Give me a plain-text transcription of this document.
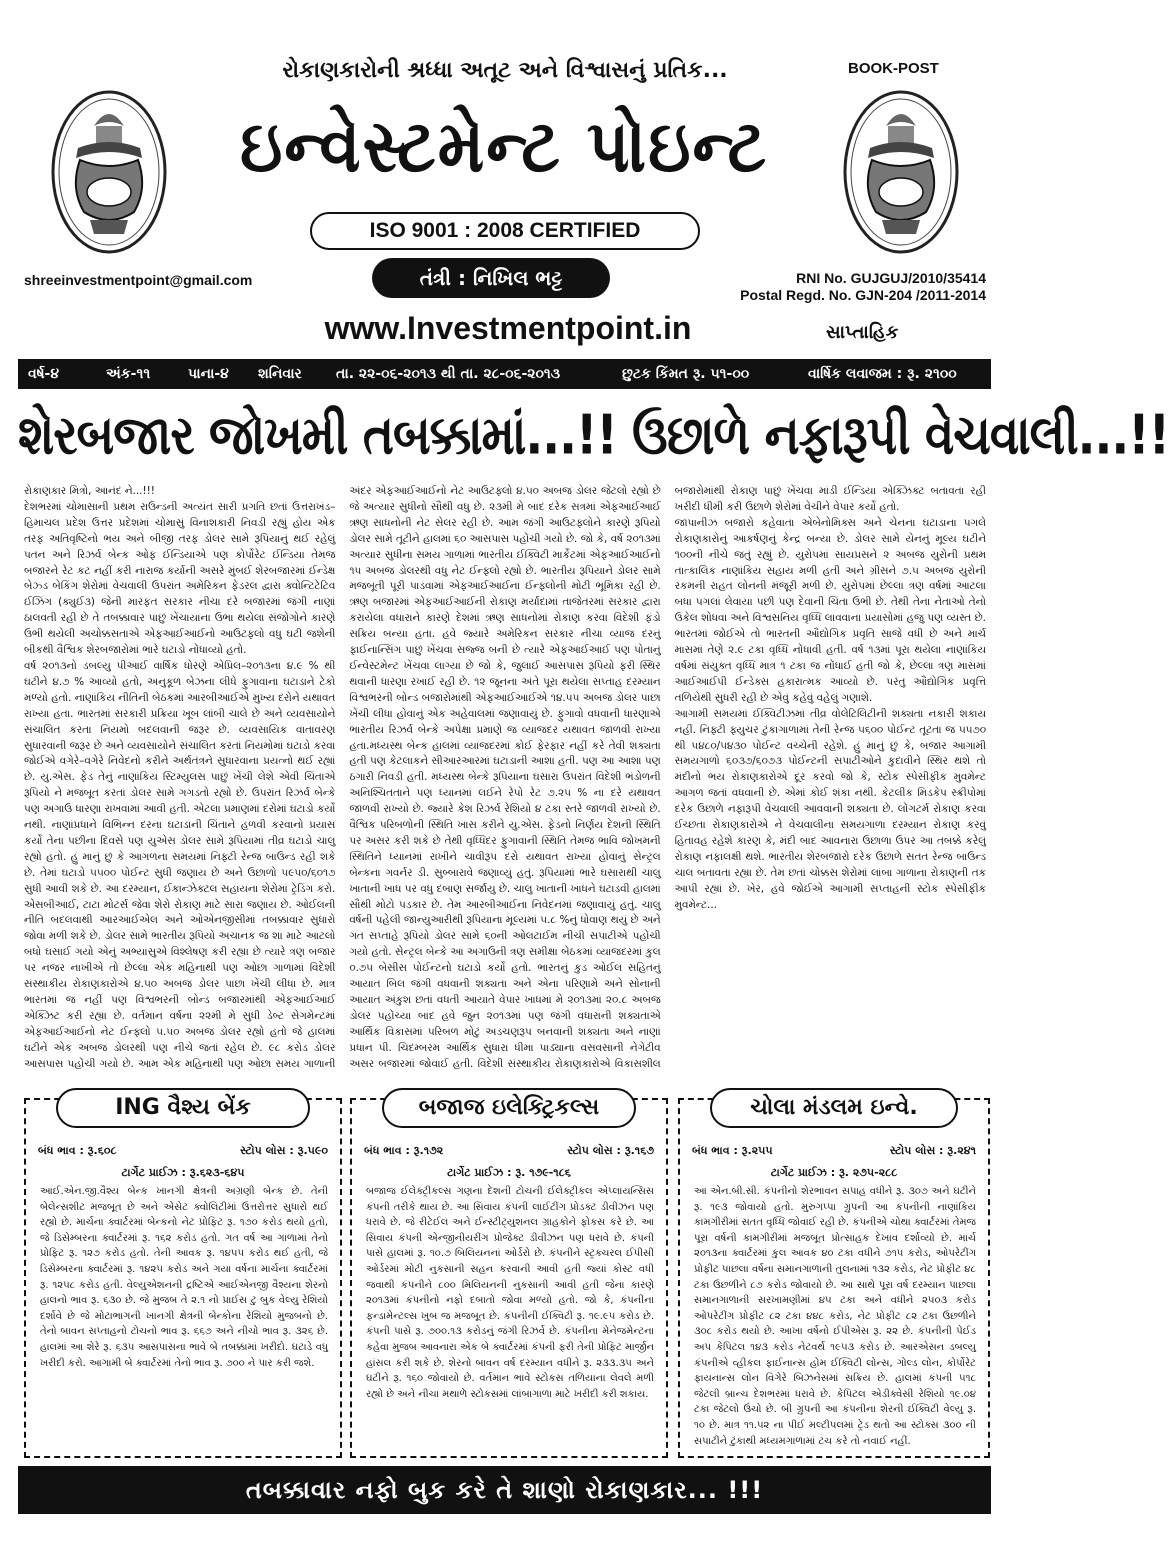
રોકાણકારોની શ્રધ્ધા અતૂટ અને વિશ્વાસનું પ્રતિક...	BOOK-POST
ઇન્વેસ્ટમેન્ટ પોઇન્ટ
ISO 9001 : 2008 CERTIFIED
shreeinvestmentpoint@gmail.com	તંત્રી : નિખિલ ભટ્ટ	RNI No. GUJGUJ/2010/35414
Postal Regd. No. GJN-204 /2011-2014
www.Investmentpoint.in	સાપ્તાહિક
વર્ષ-૪	અંક-૧૧	પાના-૪ શનિવાર તા. ૨૨-૦૬-૨૦૧૩ થી તા. ૨૮-૦૬-૨૦૧૩	છુટક કિંમત રૂ. ૫૧-૦૦	વાર્ષિક લવાજમ : રૂ. ૨૧૦૦
શેરબજાર જોખમી તબક્કામાં...!! ઉછાળે નફારૂપી વેચવાલી...!!

રોકાણકાર મિત્રો, આનંદ ને...!!!

દેશભરમાં ચોમાસાની પ્રથમ રાઉન્ડની અત્યંત સારી પ્રગતિ છતાં ઉત્તરાખંડ–હિમાચલ પ્રદેશ ઉત્તર પ્રદેશમાં ચોમાસું વિનાશકારી નિવડી રહ્યું હોય એક તરફ અતિવૃષ્ટિનો ભય અને બીજી તરફ ડોલર સામે રૂપિયાનું થઈ રહેલું પતન અને રિઝર્વ બેન્ક ઓફ ઈન્ડિયાએ પણ કોર્પોરેટ ઈન્ડિયા તેમજ બજારને રેટ કટ નહીં કરી નારાજ કર્યાની અસરે મુંબઈ શેરબજારમાં ઈન્ડેક્ષ બેઝ્ડ બેકિંગ શેરોમાં વેચવાલી ઉપરાંત અમેરિકન ફેડરલ દ્વારા ક્વોન્ટિટેટિવ ઈઝિંગ (ક્યુઈ૩) જેની મારફત સરકાર નીચા દરે બજારમાં જંગી નાણાં ઠાલવતી રહી છે તે તબક્કાવાર પાછું ખેંચાયાના ઉભા થયેલા સંજોગોને કારણે ઉભી થયેલી અચોક્કસતાએ એફઆઈઆઈનો આઉટફ્લો વધુ ઘટી જશેની બીકથી વૈશ્વિક શેરબજારોમાં ભારે ઘટાડો નોંધાવ્યો હતો.

વર્ષ ૨૦૧૩નો ડબલ્યુ પીઆઈ વાર્ષિક ધોરણે એપ્રિલ–૨૦૧૩ના ૪.૯ % થી ઘટીને ૪.૭ % આવ્યો હતો, અનુકૂળ બેઝના લીધે ફુગાવાના ઘટાડાને ટેકો મળ્યો હતો. નાણાંકિય નીતિની બેઠકમાં આરબીઆઈએ મુખ્ય દરોને યથાવત રાખ્યા હતા. ભારતમાં સરકારી પ્રક્રિયા ખૂબ લાંબી ચાલે છે અને વ્યવસાયોને સંચાલિત કરતા નિયમો બદલવાની જરૂર છે. વ્યવસાયિક વાતાવરણ સુધારવાની જરૂર છે અને વ્યવસાયોને સંચાલિત કરતાં નિયમોમાં ઘટાડો કરવા જોઈએ વગેરે–વગેરે નિવેદનો કરીને અર્થતંત્રને સુધારવાના પ્રયત્નો થઈ રહ્યાં છે. યુ.એસ. ફેડ તેનું નાણાંકિય સ્ટિમ્યુલસ પાછું ખેંચી લેશે એવી ચિંતાએ રૂપિયો ને મજબૂત કરતાં ડોલર સામે ગગડતો રહ્યો છે. ઉપરાંત રિઝર્વ બેન્કે પણ અગાઉ ધારણા રાખવામાં આવી હતી. એટલા પ્રમાણમાં દરોમાં ઘટાડો કર્યો નથી. નાણાંપ્રધાને વિભિન્ન દરના ઘટાડાની ચિંતાને હળવી કરવાનો પ્રયાસ કર્યો તેના પછીના દિવસે પણ યુએસ ડોલર સામે રૂપિયામાં તીવ્ર ઘટાડો ચાલુ રહ્યો હતો. હું માનું છું કે આગળના સમયમાં નિફ્ટી રેન્જ બાઉન્ડ રહી શકે છે. તેમાં ઘટાડો ૫૫૦૦ પોઈન્ટ સુધી જણાય છે અને ઉછાળો ૫૯૫૦/૬૦૧૭ સુધી આવી શકે છે. આ દરમ્યાન, ઈકાન્ઝેક્ટલ સહાયના શેરોમાં ટ્રેડિંગ કરો. એસબીઆઈ, ટાટા મોટર્સ જેવા શેરો રોકાણ માટે સારા જણાય છે. ઓઈલની નીતિ બદલવાથી આરઆઈએલ અને ઓએનજીસીમાં તબક્કાવાર સુધારો જોવા મળી શકે છે. ડોલર સામે ભારતીય રૂપિયો અચાનક જ શા માટે આટલો બધો ઘસાઈ ગયો એનું અભ્યાસુએ વિશ્લેષણ કરી રહ્યા છે ત્યારે ત્રણ બજાર પર નજર નાખીએ તો છેલ્લા એક મહિનાથી પણ ઓછા ગાળામાં વિદેશી સંસ્થાકીય રોકાણકારોએ ૪.૫૦ અબજ ડોલર પાછા ખેંચી લીધા છે. માત્ર ભારતમાં જ નહીં પણ વિશ્વભરની બોન્ડ બજારમાંથી એફઆઈઆઈ એક્ઝિટ કરી રહ્યા છે. વર્તમાન વર્ષના ૨૨મી મે સુધી ડેબ્ટ સેગમેન્ટમાં એફઆઈઆઈનો નેટ ઈન્ફ્લો ૫.૫૦ અબજ ડોલર રહ્યો હતો જે હાલમાં ઘટીને એક અબજ ડોલરથી પણ નીચે જતાં રહેલ છે. ૯૮ કરોડ ડોલર આસપાસ પહોંચી ગયો છે. આમ એક મહિનાથી પણ ઓછા સમય ગાળાની અંદર એફઆઈઆઈનો નેટ આઉટફ્લો ૪.૫૦ અબજ ડોલર જેટલો રહ્યો છે જે અત્યાર સુધીનો સૌથી વધુ છે. ૨૩મી મે બાદ દરેક સત્રમાં એફઆઈઆઈ ઋણ સાધનોની નેટ સેલર રહી છે. આમ જંગી આઉટફ્લોને કારણે રૂપિયો ડોલર સામે તૂટીને હાલમાં ૬૦ આસપાસ પહોંચી ગયો છે. જો કે, વર્ષ ૨૦૧૩માં અત્યાર સુધીના સમય ગાળામાં ભારતીય ઈક્વિટી માર્કેટમાં એફઆઈઆઈનો ૧૫ અબજ ડોલરથી વધુ નેટ ઈન્ફ્લો રહ્યો છે. ભારતીય રૂપિયાને ડોલર સામે મજબૂતી પૂરી પાડવામાં એફઆઈઆઈના ઈન્ફ્લોની મોટી ભૂમિકા રહી છે. ઋણ બજારમાં એફઆઈઆઈની રોકાણ મર્યાદામાં તાજેતરમાં સરકાર દ્વારા કરાયેલા વધારાને કારણે દેશમાં ઋણ સાધનોમાં રોકાણ કરવા વિદેશી ફંડો સક્રિય બન્યા હતા. હવે જ્યારે અમેરિકન સરકાર નીચા વ્યાજ દરનું ફાઈનાન્સિંગ પાછું ખેંચવા સજ્જ બની છે ત્યારે એફઆઈઆઈ પણ પોતાનું ઈન્વેસ્ટમેન્ટ ખેંચવા લાગ્યા છે જો કે, જુલાઈ આસપાસ રૂપિયો ફરી સ્થિર થવાની ધારણા રખાઈ રહી છે. ૧૨ જૂનના અંતે પૂરા થયેલા સપ્તાહ દરમ્યાન વિશ્વભરની બોન્ડ બજારોમાંથી એફઆઈઆઈએ ૧૪.૫૫ અબજ ડોલર પાછા ખેંચી લીધા હોવાનું એક અહેવાલમાં જણાવાયું છે. ફુગાવો વધવાની ધારણાએ ભારતીય રિઝર્વ બેન્કે અપેક્ષા પ્રમાણે જ વ્યાજદર યથાવત જાળવી રાખ્યા હતા.મધ્યસ્થ બેન્ક હાલમાં વ્યાજદરમાં કોઈ ફેરફાર નહીં કરે તેવી શક્યતા હતી પણ કેટલાકને સીઆરઆરમાં ઘટાડાની આશા હતી. પણ આ આશા પણ ઠગારી નિવડી હતી. મધ્યસ્થ બેન્કે રૂપિયાના ઘસારા ઉપરાંત વિદેશી ભંડોળની અનિશ્ચિતતાને પણ ધ્યાનમાં લઈને રેપો રેટ ૭.૨૫ % ના દરે યથાવત જાળવી રાખ્યો છે. જ્યારે કેશ રિઝર્વ રેશિયો ૪ ટકા સ્તરે જાળવી રાખ્યો છે. વૈશ્વિક પરિબળોની સ્થિતિ ખાસ કરીને યુ.એસ. ફેડનો નિર્ણય દેશની સ્થિતિ પર અસર કરી શકે છે તેથી વૃધ્ધિદર ફુગાવાની સ્થિતિ તેમજ ભાવિ જોખમની સ્થિતિને ધ્યાનમાં રાખીને ચાવીરૂપ દરો યથાવત રાખ્યા હોવાનું સેન્ટ્રલ બેન્કના ગવર્નર ડી. સુબ્બારાવે જણાવ્યું હતું. રૂપિયામાં ભારે ઘસારાથી ચાલુ ખાતાની ખાધ પર વધુ દબાણ સર્જાયુ છે. ચાલુ ખાતાની ખાધને ઘટાડવી હાલમાં સૌથી મોટો પડકાર છે. તેમ આરબીઆઈના નિવેદનમાં જણાવાયું હતું. ચાલુ વર્ષની પહેલી જાન્યુઆરીથી રૂપિયાના મૂલ્યમાં ૫.૮ %નું ધોવાણ થયું છે અને ગત સપ્તાહે રૂપિયો ડોલર સામે ૬૦ની ઓલટાઈમ નીચી સપાટીએ પહોંચી ગયો હતો. સેન્ટ્રલ બેન્કે આ અગાઉની ત્રણ સમીક્ષા બેઠકમાં વ્યાજદરમાં કુલ ૦.૭૫ બેસીસ પોઈન્ટનો ઘટાડો કર્યો હતો. ભારતનું કુડ ઓઈલ સહિતનું આયાત બિલ જંગી વધવાની શક્યતા અને એના પરિણામે અને સોનાની આયાત અંકુશ છતાં વધતી આયાતે વેપાર ખાધમાં મે ૨૦૧૩માં ૨૦.૮ અબજ ડોલર પહોંચ્યા બાદ હવે જુન ૨૦૧૩માં પણ જંગી વધારાની શક્યતાએ આર્થિક વિકાસમાં પરિબળ મોટું અડચણરૂપ બનવાની શક્યતા અને નાણાં પ્રધાન પી. ચિદમ્બરમ આર્થિક સુધારા ધીમા પાડ્યાના વસવસાની નેગેટીવ અસર બજારમાં જોવાઈ હતી. વિદેશી સંસ્થાકીય રોકાણકારોએ વિકાસશીલ બજારોમાંથી રોકાણ પાછું ખેંચવા માંડી ઈન્ડિયા એક્ઝિક્ટ બતાવતા રહી ખરીદી ધીમી કરી ઉછાળે શેરોમાં વેચીને વેપાર કર્યો હતો.

જાપાનીઝ બજારો કહેવાતા એબેનોમિક્સ અને ચેનના ઘટાડાના પગલે રોકાણકારોનું આકર્ષણનું કેન્દ્ર બન્યા છે. ડોલર સામે યેનનું મૂલ્ય ઘટીને ૧૦૦ની નીચે જતું રહ્યું છે. યુરોપમાં સાયપ્રસને ૨ અબજ યુરોની પ્રથમ તાત્કાલિક નાણાંકિય સહાય મળી હતી અને ગ્રીસને ૭.૫ અબજ યુરોની રકમની રાહત લોનની મંજૂરી મળી છે. યુરોપમાં છેલ્લા ત્રણ વર્ષમાં આટલા બધા પગલાં લેવાયા પછી પણ દેવાની ચિંતા ઉભી છે. તેથી તેના નેતાઓ તેનો ઉકેલ શોધવા અને વિશ્વસનિય વૃધ્ધિ લાવવાના પ્રયાસોમાં હજુ પણ વ્યસ્ત છે. ભારતમાં જોઈએ તો ભારતની ઔદ્યોગિક પ્રવૃતિ સાજે વધી છે અને માર્ચ માસમાં તેણે ૨.૯ ટકા વૃધ્ધિ નોંધાવી હતી. વર્ષ ૧૩માં પૂરા થયેલા નાણાંકિય વર્ષમાં સંયુક્ત વૃધ્ધિ માત્ર ૧ ટકા જ નોંધાઈ હતી જો કે, છેલ્લા ત્રણ માસમાં આઈઆઈપી ઈન્ડેક્સ હકારાત્મક આવ્યો છે. પરંતુ ઔદ્યોગિક પ્રવૃત્તિ તળિયેથી સુધરી રહી છે એવું કહેવું વહેલું ગણાશે.

આગામી સમયમાં ઈક્વિટીઝમાં તીવ્ર વોલેટિલિટીની શક્યતા નકારી શકાય નહીં. નિફ્ટી ફ્યુચર ટુંકાગાળામાં તેની રેન્જ ૫૬૦૦ પોઈન્ટ તૂટતા જ ૫૫૭૦ થી ૫૪૮૦/૫૪૩૦ પોઈન્ટ વચ્ચેની રહેશે. હું માનું છું કે, બજાર આગામી સમયગાળો ૬૦૩૭/૬૦૭૩ પોઈન્ટની સપાટીઓને કુદાવીને સ્થિર થશે તો મંદીનો ભય રોકાણકારોએ દૂર કરવો જો કે, સ્ટોક સ્પેસીફીક મુવમેન્ટ આગળ જતાં વધવાની છે. એમાં કોઈ શંકા નથી. કેટલીક મિડકેપ સ્ક્રીપોમાં દરેક ઉછાળે નફારૂપી વેચવાલી આવવાની શક્યતા છે. લોંગટર્મ રોકાણ કરવા ઈચ્છતા રોકાણકારોએ ને વેચવાલીના સમયગાળા દરમ્યાન રોકાણ કરવું હિતાવહ રહેશે કારણ કે, મંદી બાદ આવનારા ઉછાળા ઉપર આ તબક્કે કરેલું રોકાણ નફાલક્ષી થશે. ભારતીય શેરબજારો દરેક ઉછાળે સતત રેન્જ બાઉન્ડ ચાલ બતાવતા રહ્યા છે. તેમ છતાં ચોક્કસ શેરોમાં લાંબા ગાળાના રોકાણની તક આપી રહ્યાં છે. ખેર, હવે જોઈએ આગામી સપ્તાહની સ્ટોક સ્પેસીફીક મુવમેન્ટ...

ING વૈશ્ય બેંક
બંધ ભાવ : રૂ.૬૦૮	સ્ટોપ લોસ : રૂ.૫૯૦
ટાર્ગેટ પ્રાઈઝ : રૂ.૬૨૩-૬૪૫
આઈ.એન.જી.વૈશ્ય બેન્ક ખાનગી ક્ષેત્રની અગ્રણી બેન્ક છે. તેની બેલેન્સશીટ મજબૂત છે અને એસેટ ક્વોલિટીમાં ઉત્તરોત્તર સુધારો થઈ રહ્યો છે. માર્ચના ક્વાર્ટરમાં બેન્કનો નેટ પ્રોફિટ રૂ. ૧૭૦ કરોડ થયો હતો, જે ડિસેમ્બરના ક્વાર્ટરમાં રૂ. ૧૬૨ કરોડ હતો. ગત વર્ષ આ ગાળામાં તેનો પ્રોફિટ રૂ. ૧૨૭ કરોડ હતો. તેની આવક રૂ. ૧૪૫૫ કરોડ થઈ હતી, જે ડિસેમ્બરના ક્વાર્ટરમાં રૂ. ૧૪૨૫ કરોડ અને ગયા વર્ષના માર્ચના ક્વાર્ટરમાં રૂ. ૧૨૫૮ કરોડ હતી. વેલ્યુએશનની દ્રષ્ટિએ આઈએનજી વૈશ્યના શેરનો હાલનો ભાવ રૂ. ૬૩૦ છે. જે મુજબ તે ૨.૧ નો પ્રાઈસ ટુ બુક વેલ્યુ રેશિયો દર્શાવે છે જે મોટાભાગની ખાનગી ક્ષેત્રની બેન્કોના રેશિયો મુજબનો છે. તેનો બાવન સપ્તાહનો ટોચનો ભાવ રૂ. ૬૬૭ અને નીચો ભાવ રૂ. ૩૨૬ છે. હાલમાં આ શેરે રૂ. ૬૩૫ આસપાસના ભાવે બે તબક્કામાં ખરીદો. ઘટાડે વધુ ખરીદી કરો. આગામી બે ક્વાર્ટરમાં તેનો ભાવ રૂ. ૭૦૦ ને પાર કરી જશે.
બજાજ ઇલેક્ટ્રિકલ્સ
બંધ ભાવ : રૂ.૧૭૨	સ્ટોપ લોસ : રૂ.૧૬૭
ટાર્ગેટ પ્રાઈઝ : રૂ. ૧૭૯-૧૮૬
બજાજ ઈલેક્ટ્રીકલ્સ ગણના દેશની ટોચની ઈલેક્ટ્રીકલ એપ્લાયન્સિસ કંપની તરીકે થાય છે. આ સિવાય કંપની લાઈટીંગ પ્રોડક્ટ ડીવીઝન પણ ધરાવે છે. જે રીટેઈલ અને ઈન્સ્ટીટ્યુશનલ ગ્રાહકોને ફોકસ કરે છે. આ સિવાય કંપની એન્જીનીયરીંગ પ્રોજેક્ટ ડીવીઝન પણ ધરાવે છે. કંપની પાસે હાલમાં રૂ. ૧૦.૭ બિલિયનનાં ઓર્ડરો છે. કંપનીને સ્ટ્રક્ચરલ ઈપીસી ઓર્ડરમાં મોટી નુકસાની સહન કરવાની આવી હતી જ્યાં કોસ્ટ વધી જવાથી કંપનીને ૮૦૦ મિલિયનની નુકસાની આવી હતી જેના કારણે ૨૦૧૩માં કંપનીનો નફો દબાતો જોવા મળ્યો હતો. જો કે, કંપનીના ફન્ડામેન્ટલ્સ ખુબ જ મજબૂત છે. કંપનીની ઈક્વિટી રૂ. ૧૯.૯૫ કરોડ છે. કંપની પાસે રૂ. ૭૦૦.૧૩ કરોડનું જંગી રિઝર્વ છે. કંપનીના મેનેજમેન્ટના કહેવા મુજબ આવનારા એક બે ક્વાર્ટરમાં કંપની ફરી તેની પ્રોફિટ માર્જીન હાંસલ કરી શકે છે. શેરનો બાવન વર્ષ દરમ્યાન વધીને રૂ. ૨૩૩.૩૫ અને ઘટીને રૂ. ૧૬૦ જોવાયો છે. વર્તમાન ભાવે સ્ટોકસ તળિયાના લેવલે મળી રહ્યો છે અને નીચા મથાળે સ્ટોકસમાં લાંબાગાળા માટે ખરીદી કરી શકાય.
ચોલા મંડલમ ઇન્વે.
બંધ ભાવ : રૂ.૨૫૫	સ્ટોપ લોસ : રૂ.૨૪૧
ટાર્ગેટ પ્રાઈઝ : રૂ. ૨૭૫-૨૮૮
આ એન.બી.સી. કંપનીનો શેરભાવન સપાહ વધીને રૂ. ૩૦૭ અને ઘટીને રૂ. ૧૯૩ જોવાયો હતો. મુરુગપ્પા ગ્રુપની આ કંપનીની નાણાંકિય કામગીરીમાં સતત વૃધ્ધિ જોવાઈ રહી છે. કંપનીએ ચોથા ક્વાર્ટરમાં તેમજ પૂરા વર્ષની કામગીરીમાં મજબૂત પ્રોત્સાહક દેખાવ દર્શાવ્યો છે. માર્ચ ૨૦૧૩ના ક્વાર્ટરમાં કુલ આવક ૪૦ ટકા વધીને ૭૧૫ કરોડ, ઓપરેટીંગ પ્રોફીટ પાછલા વર્ષના સમાનગાળાની તુલનામાં ૧૩૨ કરોડ, નેટ પ્રોફીટ ૪૮ ટકા ઉછળીને ૮૭ કરોડ જોવાયો છે. આ સાથે પૂરા વર્ષ દરમ્યાન પાછલા સમાનગાળાની સરખામણીમાં ૪૫ ટકા અને વધીને ૨૫૦૩ કરોડ ઓપરેટીંગ પ્રોફીટ ૮૨ ટકા ૪૪૮ કરોડ, નેટ પ્રોફીટ ૮૨ ટકા ઉછળીને ૩૦૮ કરોડ થયો છે. આખા વર્ષનો ઈપીએસ રૂ. ૨૨ છે. કંપનીની પેઈડ અપ કેપિટલ ૧૪૩ કરોડ નેટવર્થ ૧૯૫૩ કરોડ છે. આરએસન ડબલ્યુ કંપનીએ વ્હીકલ ફાઈનાન્સ હોમ ઈક્વિટી લોન્સ, ગોલ્ડ લોન, કોર્પોરેટ ફાયનાન્સ લોન વિગેરે બિઝનેસમાં સક્રિય છે. હાલમાં કંપની ૫૧૮ જેટલી બ્રાન્ચ દેશભરમાં ધરાવે છે. કેપિટલ એડીક્વેસી રેશિયો ૧૯.૦૪ ટકા જેટલો ઉંચો છે. બી ગ્રુપની આ કંપનીના શેરની ઈક્વિટી વેલ્યુ રૂ. ૧૦ છે. માત્ર ૧૧.૫૨ ના પીઈ મલ્ટીપલમાં ટ્રેડ થતો આ સ્ટોક્સ ૩૦૦ ની સપાટીને ટુંકાથી મધ્યમગાળામાં ટચ કરે તો નવાઈ નહીં.
તબક્કાવાર નફો બુક કરે તે શાણો રોકાણકાર... !!!
